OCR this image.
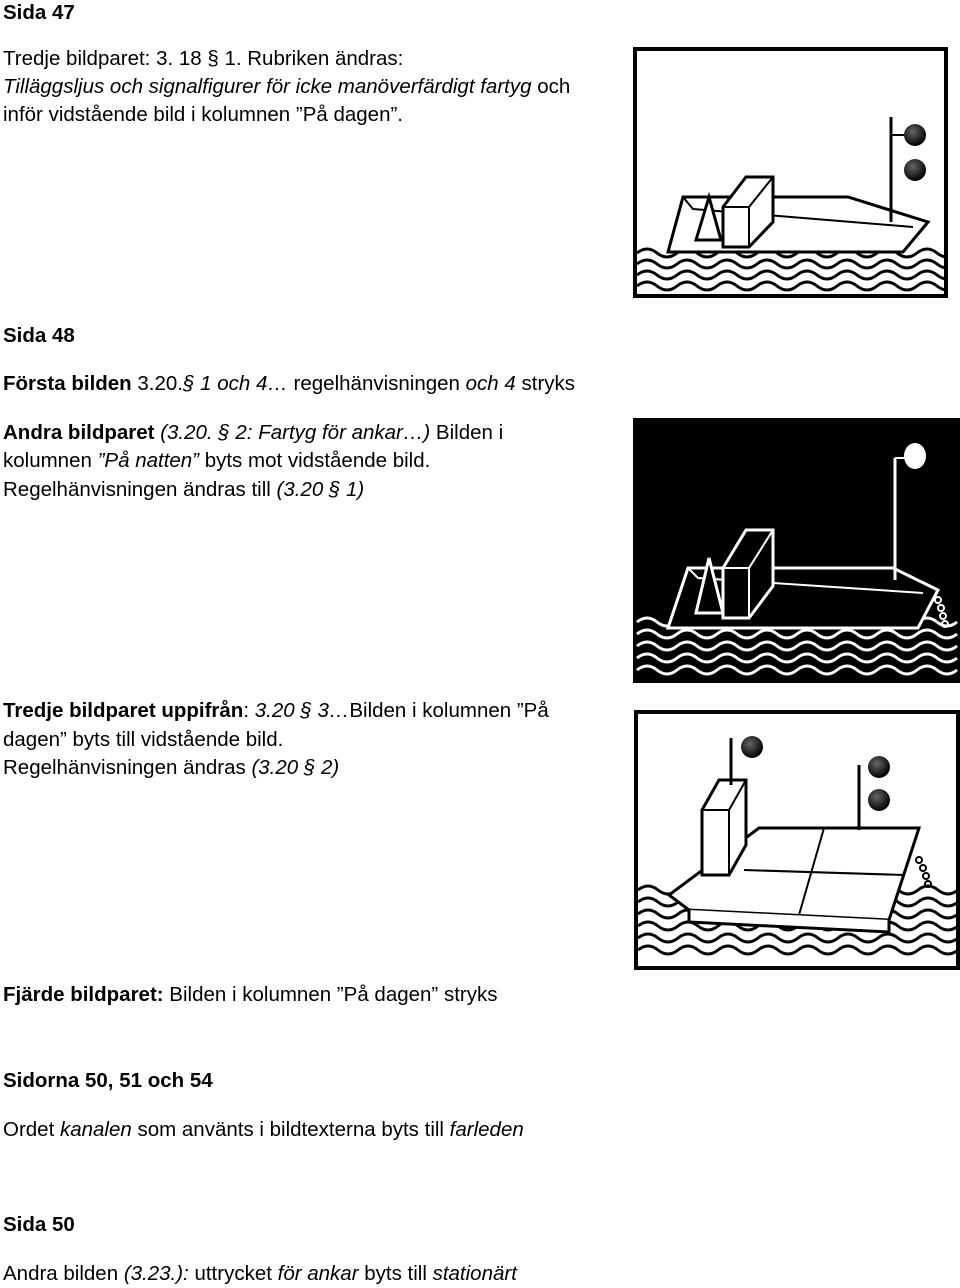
Sida 47
Tredje bildparet: 3. 18 § 1. Rubriken ändras:
Tilläggsljus och signalfigurer för icke manöverfärdigt fartyg och
inför vidstående bild i kolumnen ”På dagen”.
Sida 48
Första bilden 3.20.§ 1 och 4… regelhänvisningen och 4 stryks
Andra bildparet (3.20. § 2: Fartyg för ankar…) Bilden i
kolumnen ”På natten” byts mot vidstående bild.
Regelhänvisningen ändras till (3.20 § 1)
Tredje bildparet uppifrån: 3.20 § 3…Bilden i kolumnen ”På
dagen” byts till vidstående bild.
Regelhänvisningen ändras (3.20 § 2)
Fjärde bildparet: Bilden i kolumnen ”På dagen” stryks
Sidorna 50, 51 och 54
Ordet kanalen som använts i bildtexterna byts till farleden
Sida 50
Andra bilden (3.23.): uttrycket för ankar byts till stationärt
